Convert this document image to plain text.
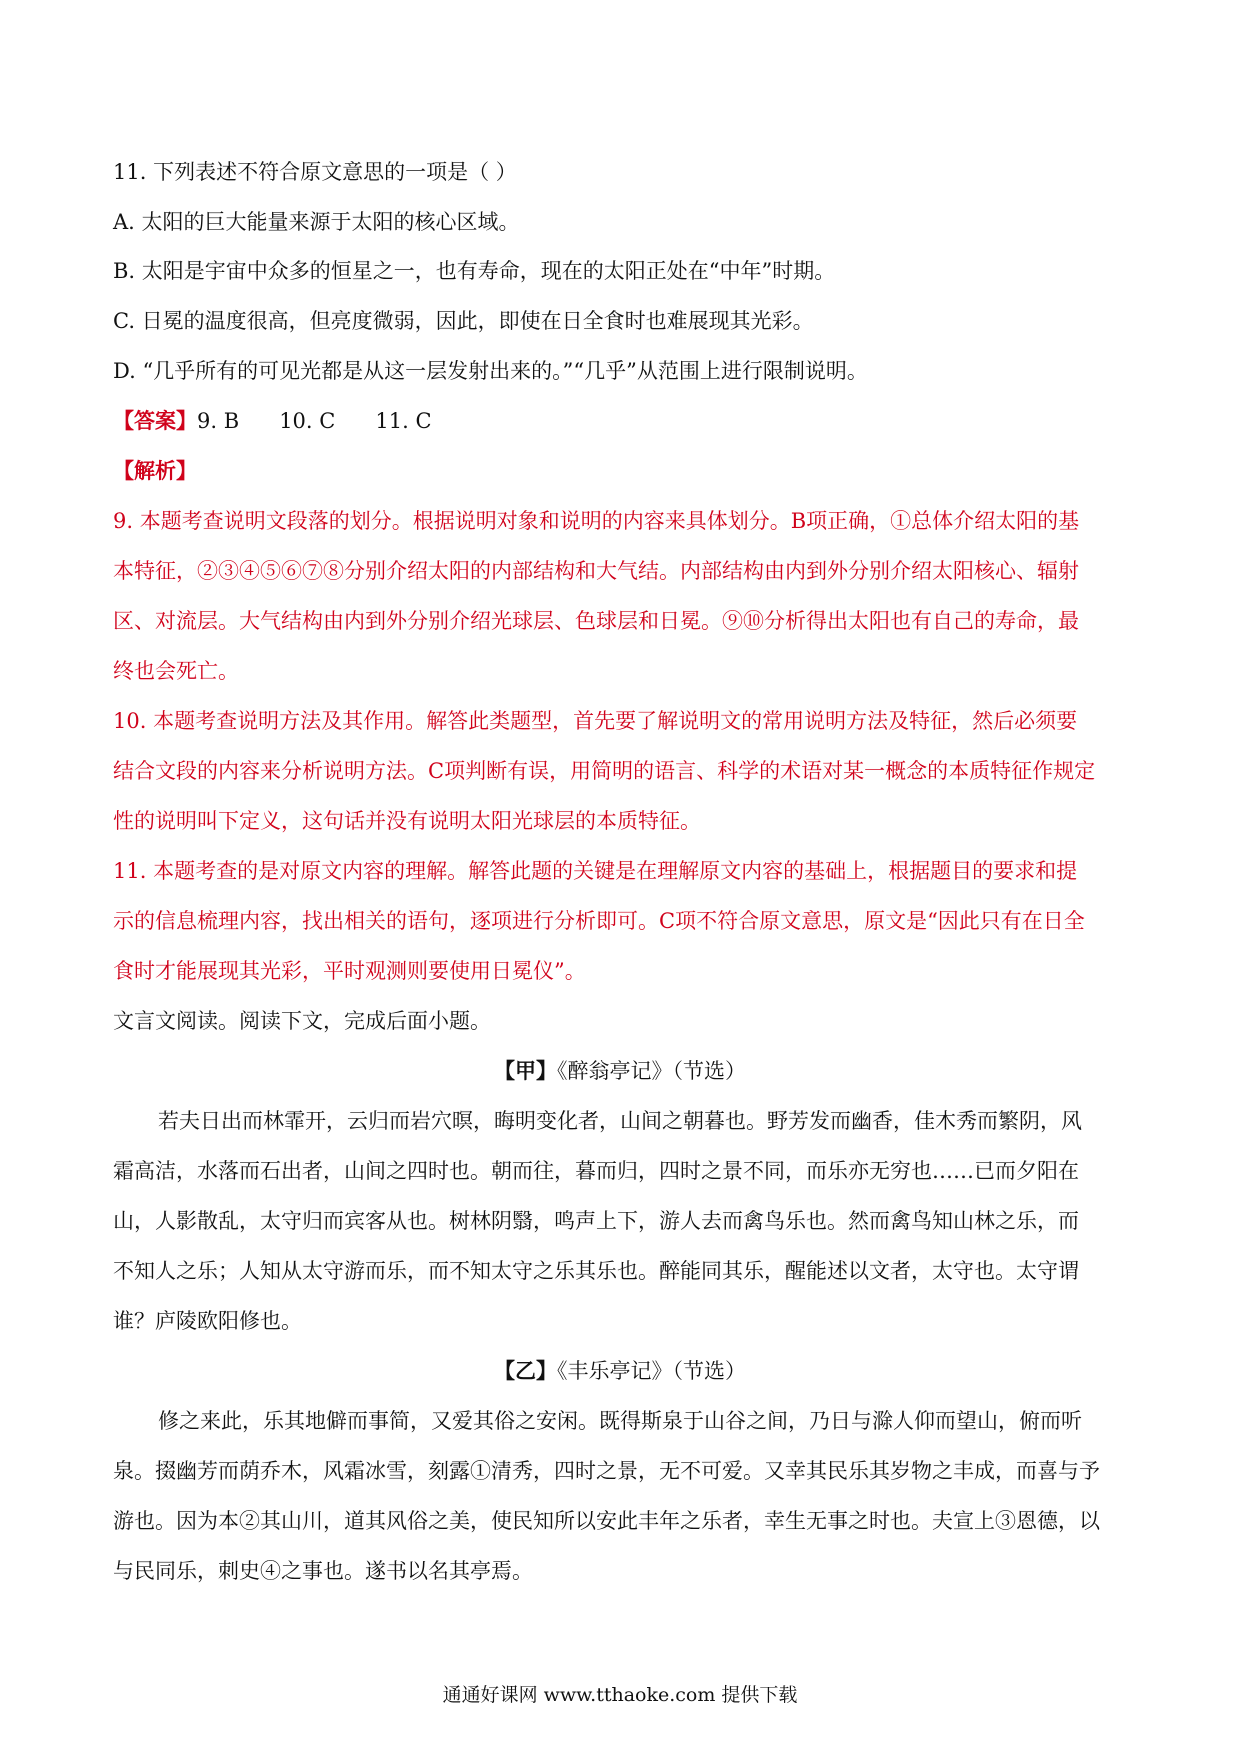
11. 下列表述不符合原文意思的一项是（ ）
A. 太阳的巨大能量来源于太阳的核心区域。
B. 太阳是宇宙中众多的恒星之一，也有寿命，现在的太阳正处在“中年”时期。
C. 日冕的温度很高，但亮度微弱，因此，即使在日全食时也难展现其光彩。
D. “几乎所有的可见光都是从这一层发射出来的。”“几乎”从范围上进行限制说明。
【答案】9. B      10. C      11. C
【解析】
9. 本题考查说明文段落的划分。根据说明对象和说明的内容来具体划分。B项正确，①总体介绍太阳的基
本特征，②③④⑤⑥⑦⑧分别介绍太阳的内部结构和大气结。内部结构由内到外分别介绍太阳核心、辐射
区、对流层。大气结构由内到外分别介绍光球层、色球层和日冕。⑨⑩分析得出太阳也有自己的寿命，最
终也会死亡。
10. 本题考查说明方法及其作用。解答此类题型，首先要了解说明文的常用说明方法及特征，然后必须要
结合文段的内容来分析说明方法。C项判断有误，用简明的语言、科学的术语对某一概念的本质特征作规定
性的说明叫下定义，这句话并没有说明太阳光球层的本质特征。
11. 本题考查的是对原文内容的理解。解答此题的关键是在理解原文内容的基础上，根据题目的要求和提
示的信息梳理内容，找出相关的语句，逐项进行分析即可。C项不符合原文意思，原文是“因此只有在日全
食时才能展现其光彩，平时观测则要使用日冕仪”。
文言文阅读。阅读下文，完成后面小题。
【甲】《醉翁亭记》（节选）
若夫日出而林霏开，云归而岩穴暝，晦明变化者，山间之朝暮也。野芳发而幽香，佳木秀而繁阴，风
霜高洁，水落而石出者，山间之四时也。朝而往，暮而归，四时之景不同，而乐亦无穷也……已而夕阳在
山，人影散乱，太守归而宾客从也。树林阴翳，鸣声上下，游人去而禽鸟乐也。然而禽鸟知山林之乐，而
不知人之乐；人知从太守游而乐，而不知太守之乐其乐也。醉能同其乐，醒能述以文者，太守也。太守谓
谁？庐陵欧阳修也。
【乙】《丰乐亭记》（节选）
修之来此，乐其地僻而事简，又爱其俗之安闲。既得斯泉于山谷之间，乃日与滁人仰而望山，俯而听
泉。掇幽芳而荫乔木，风霜冰雪，刻露①清秀，四时之景，无不可爱。又幸其民乐其岁物之丰成，而喜与予
游也。因为本②其山川，道其风俗之美，使民知所以安此丰年之乐者，幸生无事之时也。夫宣上③恩德，以
与民同乐，刺史④之事也。遂书以名其亭焉。
通通好课网 www.tthaoke.com 提供下载
